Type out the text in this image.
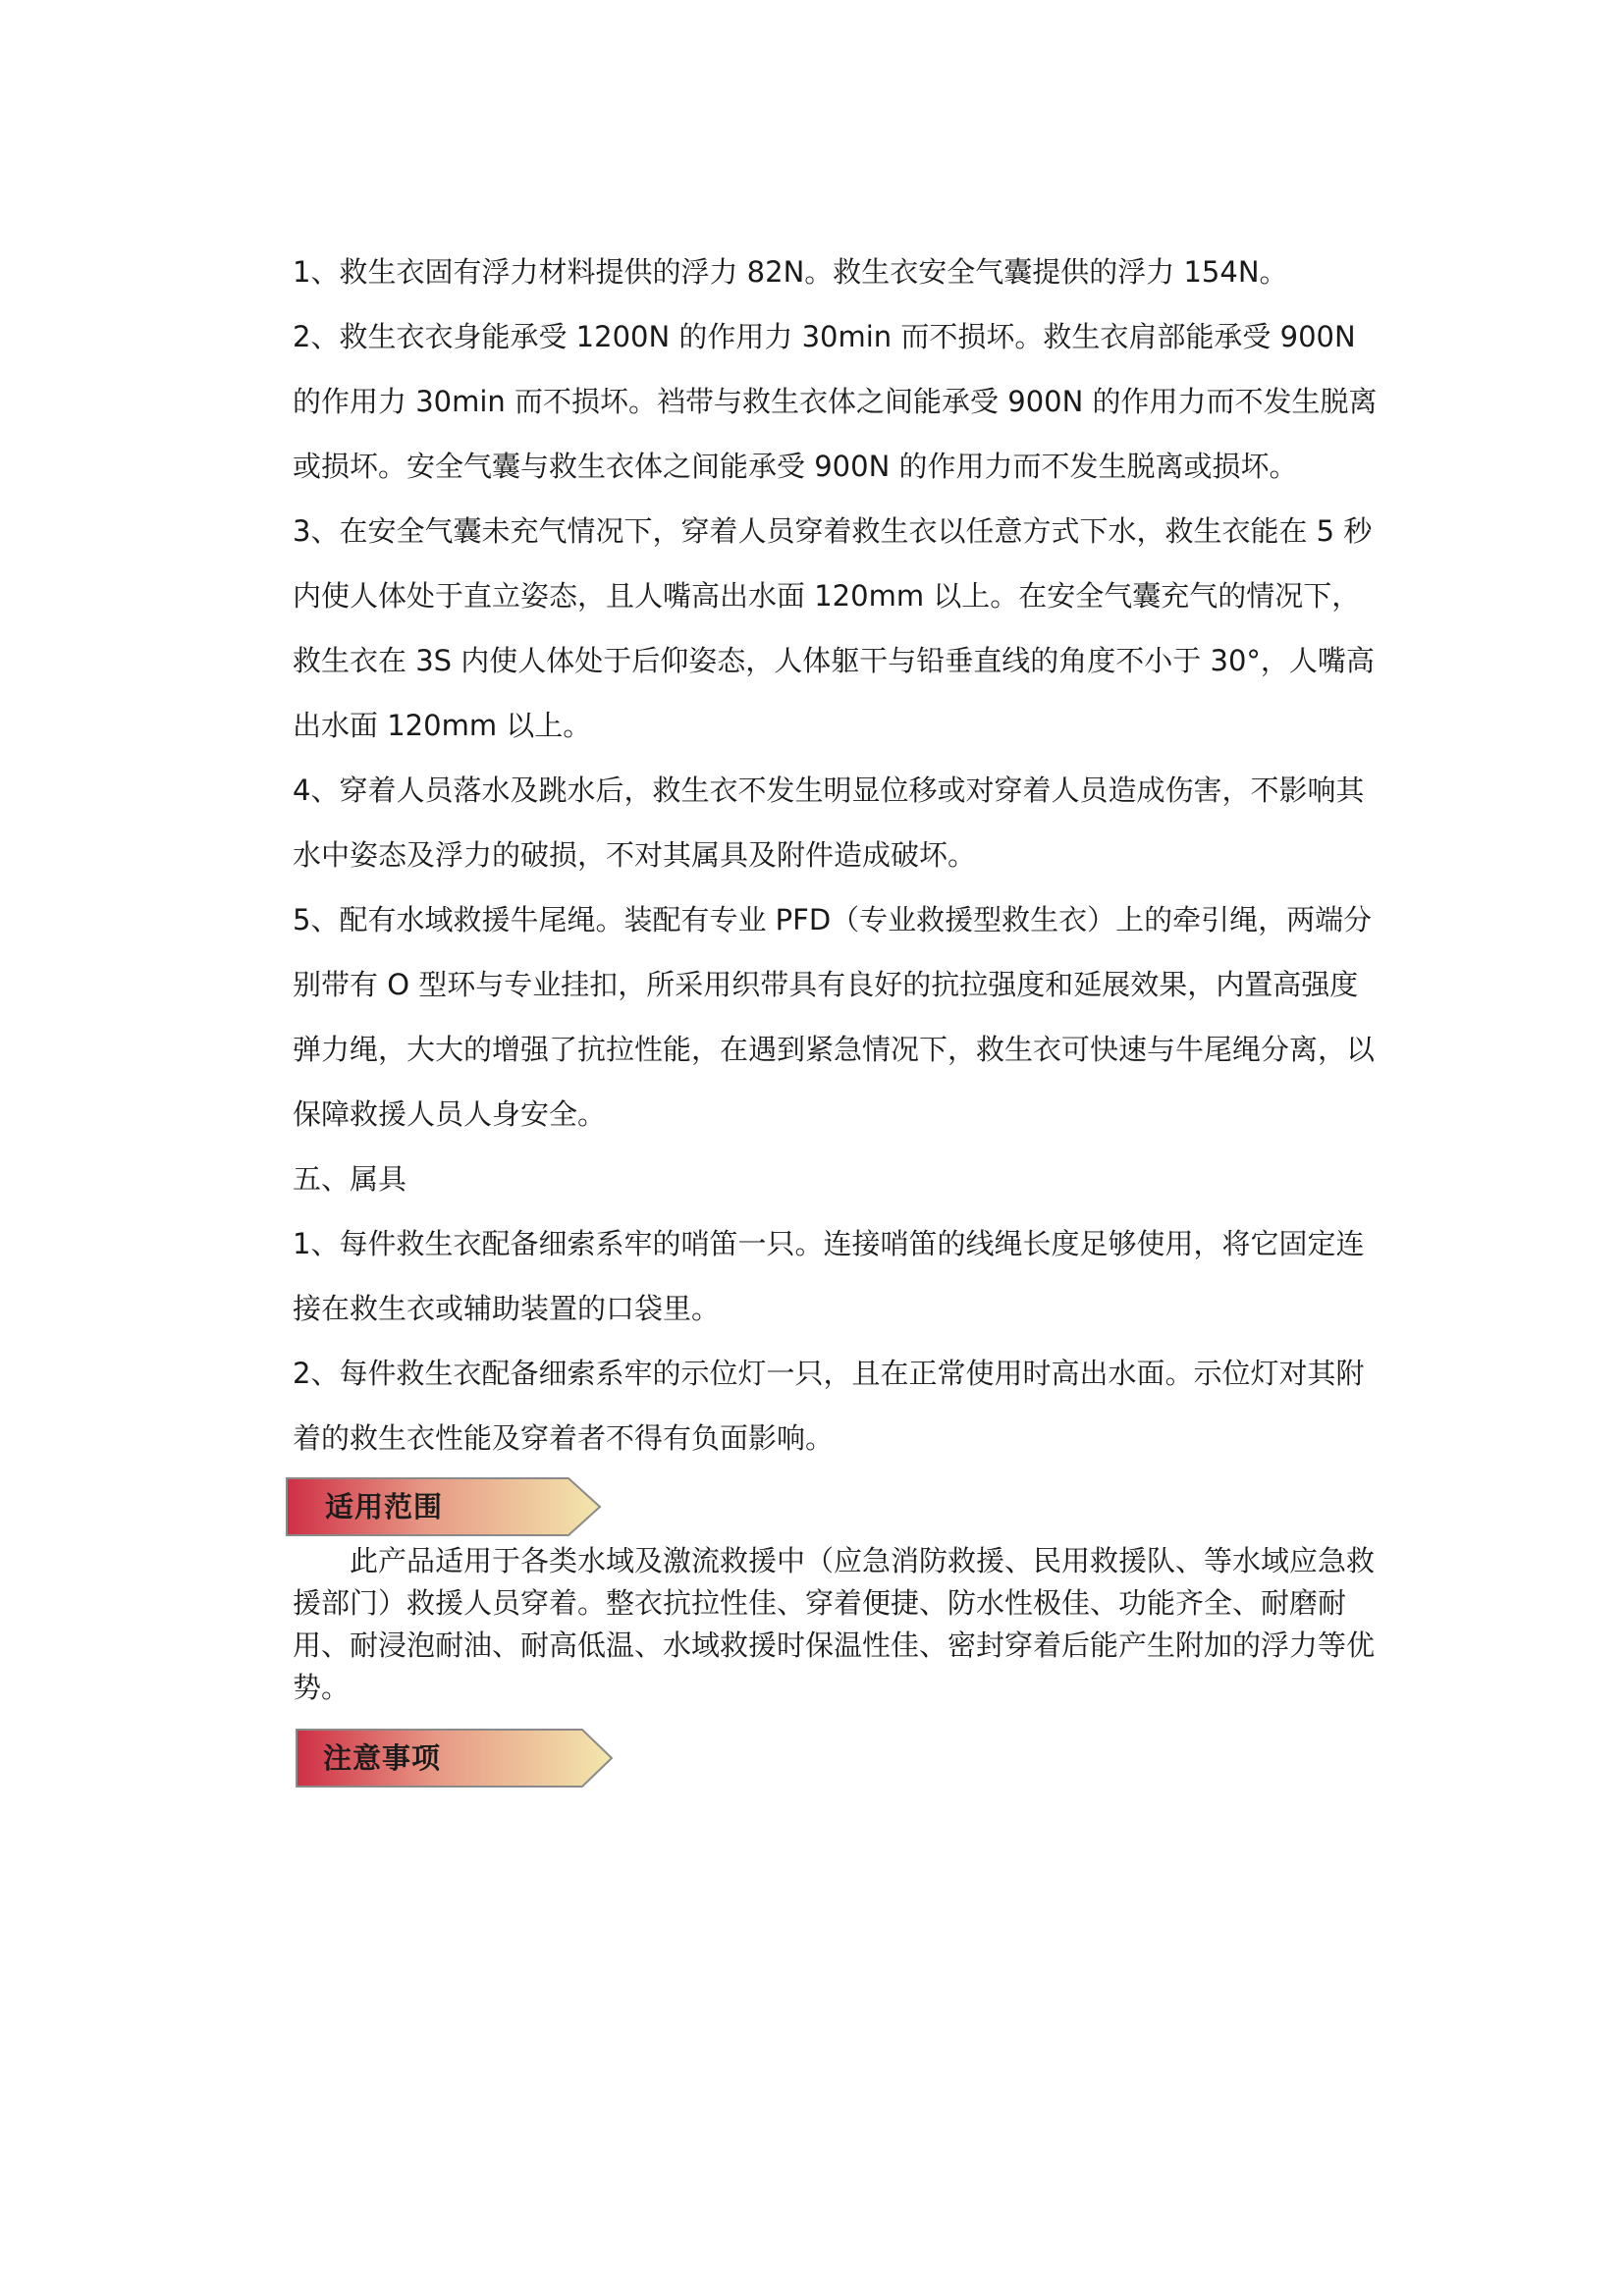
1、救生衣固有浮力材料提供的浮力 82N。救生衣安全气囊提供的浮力 154N。

2、救生衣衣身能承受 1200N 的作用力 30min 而不损坏。救生衣肩部能承受 900N 的作用力 30min 而不损坏。裆带与救生衣体之间能承受 900N 的作用力而不发生脱离或损坏。安全气囊与救生衣体之间能承受 900N 的作用力而不发生脱离或损坏。

3、在安全气囊未充气情况下，穿着人员穿着救生衣以任意方式下水，救生衣能在 5 秒内使人体处于直立姿态，且人嘴高出水面 120mm 以上。在安全气囊充气的情况下，救生衣在 3S 内使人体处于后仰姿态，人体躯干与铅垂直线的角度不小于 30°，人嘴高出水面 120mm 以上。

4、穿着人员落水及跳水后，救生衣不发生明显位移或对穿着人员造成伤害，不影响其水中姿态及浮力的破损，不对其属具及附件造成破坏。

5、配有水域救援牛尾绳。装配有专业 PFD（专业救援型救生衣）上的牵引绳，两端分别带有 O 型环与专业挂扣，所采用织带具有良好的抗拉强度和延展效果，内置高强度弹力绳，大大的增强了抗拉性能，在遇到紧急情况下，救生衣可快速与牛尾绳分离，以保障救援人员人身安全。

五、属具

1、每件救生衣配备细索系牢的哨笛一只。连接哨笛的线绳长度足够使用，将它固定连接在救生衣或辅助装置的口袋里。

2、每件救生衣配备细索系牢的示位灯一只，且在正常使用时高出水面。示位灯对其附着的救生衣性能及穿着者不得有负面影响。

适用范围

此产品适用于各类水域及激流救援中（应急消防救援、民用救援队、等水域应急救援部门）救援人员穿着。整衣抗拉性佳、穿着便捷、防水性极佳、功能齐全、耐磨耐用、耐浸泡耐油、耐高低温、水域救援时保温性佳、密封穿着后能产生附加的浮力等优势。

注意事项
